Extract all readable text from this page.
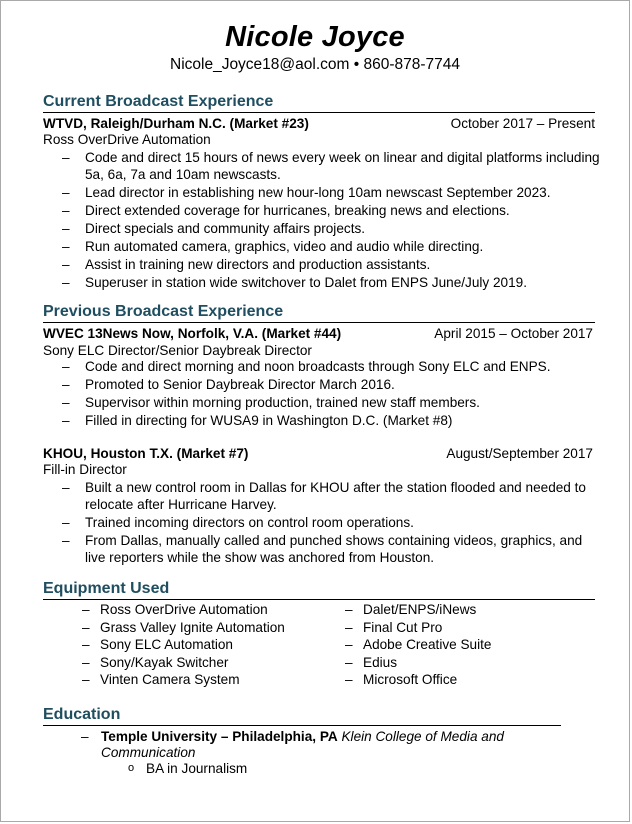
Nicole Joyce
Nicole_Joyce18@aol.com • 860-878-7744
Current Broadcast Experience
WTVD, Raleigh/Durham N.C. (Market #23)	October 2017 – Present
Ross OverDrive Automation
– Code and direct 15 hours of news every week on linear and digital platforms including 5a, 6a, 7a and 10am newscasts.
– Lead director in establishing new hour-long 10am newscast September 2023.
– Direct extended coverage for hurricanes, breaking news and elections.
– Direct specials and community affairs projects.
– Run automated camera, graphics, video and audio while directing.
– Assist in training new directors and production assistants.
– Superuser in station wide switchover to Dalet from ENPS June/July 2019.
Previous Broadcast Experience
WVEC 13News Now, Norfolk, V.A. (Market #44)	April 2015 – October 2017
Sony ELC Director/Senior Daybreak Director
– Code and direct morning and noon broadcasts through Sony ELC and ENPS.
– Promoted to Senior Daybreak Director March 2016.
– Supervisor within morning production, trained new staff members.
– Filled in directing for WUSA9 in Washington D.C. (Market #8)
KHOU, Houston T.X. (Market #7)	August/September 2017
Fill-in Director
– Built a new control room in Dallas for KHOU after the station flooded and needed to relocate after Hurricane Harvey.
– Trained incoming directors on control room operations.
– From Dallas, manually called and punched shows containing videos, graphics, and live reporters while the show was anchored from Houston.
Equipment Used
– Ross OverDrive Automation
– Grass Valley Ignite Automation
– Sony ELC Automation
– Sony/Kayak Switcher
– Vinten Camera System
– Dalet/ENPS/iNews
– Final Cut Pro
– Adobe Creative Suite
– Edius
– Microsoft Office
Education
– Temple University – Philadelphia, PA Klein College of Media and Communication
o BA in Journalism
